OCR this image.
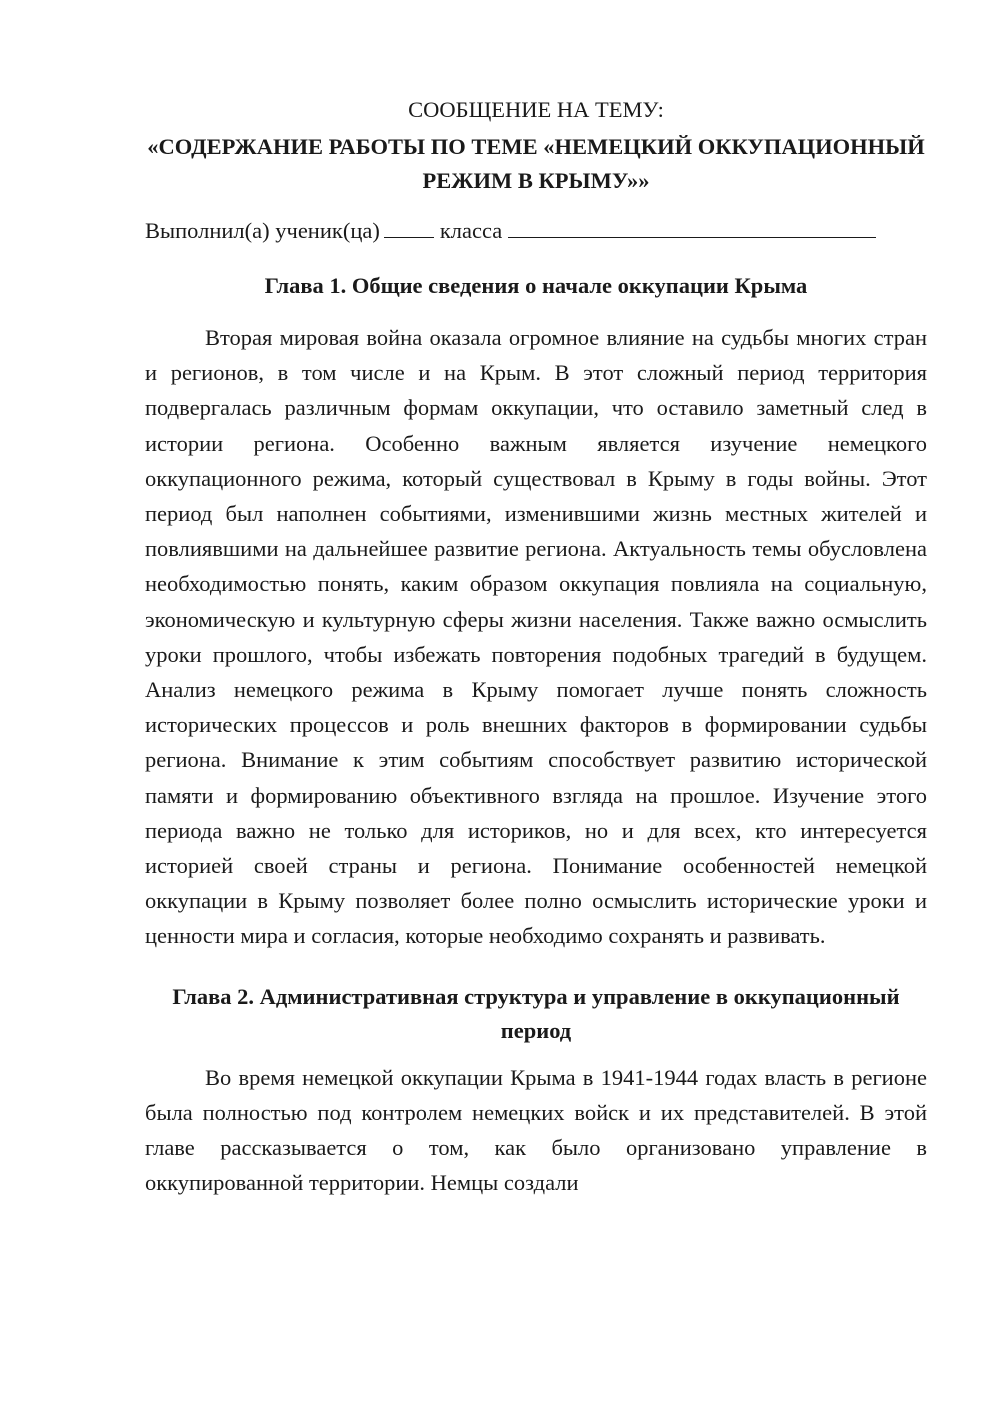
СООБЩЕНИЕ НА ТЕМУ:

«СОДЕРЖАНИЕ РАБОТЫ ПО ТЕМЕ «НЕМЕЦКИЙ ОККУПАЦИОННЫЙ РЕЖИМ В КРЫМУ»»

Выполнил(а) ученик(ца)	класса

Глава 1. Общие сведения о начале оккупации Крыма

Вторая мировая война оказала огромное влияние на судьбы многих стран и регионов, в том числе и на Крым. В этот сложный период территория подвергалась различным формам оккупации, что оставило заметный след в истории региона. Особенно важным является изучение немецкого оккупационного режима, который существовал в Крыму в годы войны. Этот период был наполнен событиями, изменившими жизнь местных жителей и повлиявшими на дальнейшее развитие региона. Актуальность темы обусловлена необходимостью понять, каким образом оккупация повлияла на социальную, экономическую и культурную сферы жизни населения. Также важно осмыслить уроки прошлого, чтобы избежать повторения подобных трагедий в будущем. Анализ немецкого режима в Крыму помогает лучше понять сложность исторических процессов и роль внешних факторов в формировании судьбы региона. Внимание к этим событиям способствует развитию исторической памяти и формированию объективного взгляда на прошлое. Изучение этого периода важно не только для историков, но и для всех, кто интересуется историей своей страны и региона. Понимание особенностей немецкой оккупации в Крыму позволяет более полно осмыслить исторические уроки и ценности мира и согласия, которые необходимо сохранять и развивать.

Глава 2. Административная структура и управление в оккупационный период

Во время немецкой оккупации Крыма в 1941-1944 годах власть в регионе была полностью под контролем немецких войск и их представителей. В этой главе рассказывается о том, как было организовано управление в оккупированной территории. Немцы создали
